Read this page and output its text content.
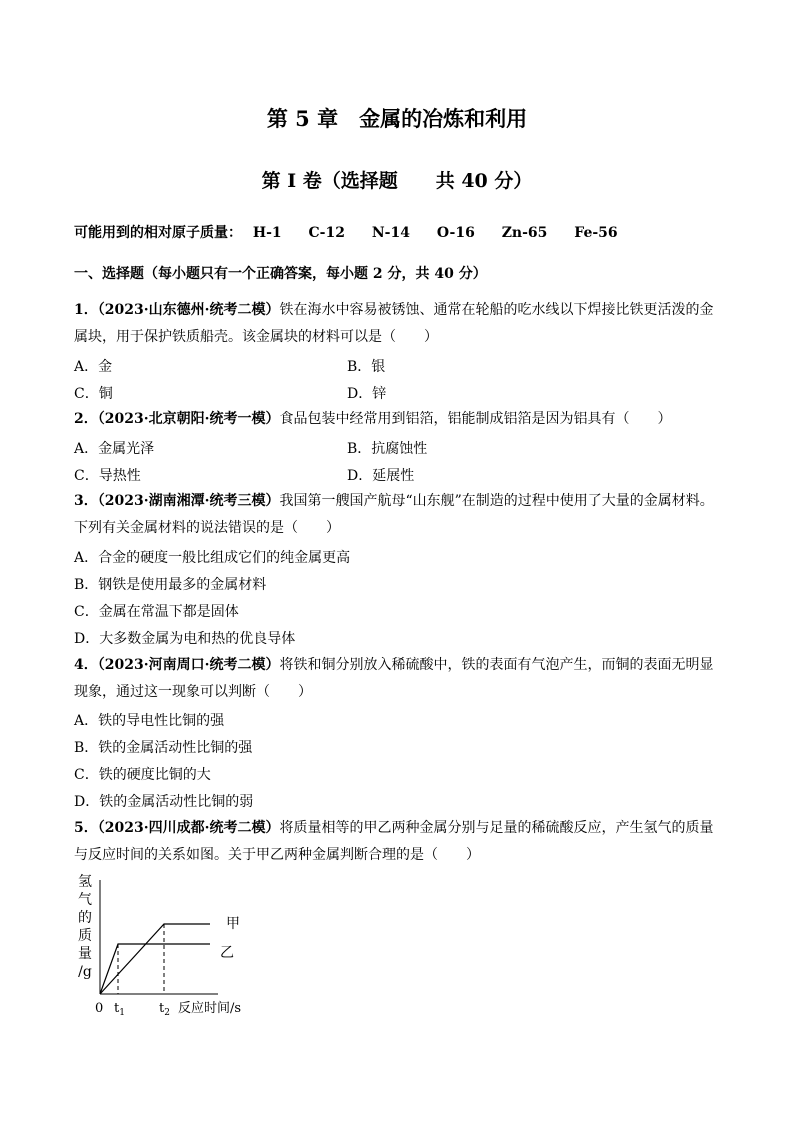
第 5 章　金属的冶炼和利用
第 I 卷（选择题　　共 40 分）
可能用到的相对原子质量： H-1 C-12 N-14 O-16 Zn-65 Fe-56
一、选择题（每小题只有一个正确答案，每小题 2 分，共 40 分）
1．（2023·山东德州·统考二模）铁在海水中容易被锈蚀、通常在轮船的吃水线以下焊接比铁更活泼的金属块，用于保护铁质船壳。该金属块的材料可以是（　　）
A．金	B．银
C．铜	D．锌
2．（2023·北京朝阳·统考一模）食品包装中经常用到铝箔，铝能制成铝箔是因为铝具有（　　）
A．金属光泽	B．抗腐蚀性
C．导热性	D．延展性
3．（2023·湖南湘潭·统考三模）我国第一艘国产航母“山东舰”在制造的过程中使用了大量的金属材料。下列有关金属材料的说法错误的是（　　）
A．合金的硬度一般比组成它们的纯金属更高
B．钢铁是使用最多的金属材料
C．金属在常温下都是固体
D．大多数金属为电和热的优良导体
4．（2023·河南周口·统考二模）将铁和铜分别放入稀硫酸中，铁的表面有气泡产生，而铜的表面无明显现象，通过这一现象可以判断（　　）
A．铁的导电性比铜的强
B．铁的金属活动性比铜的强
C．铁的硬度比铜的大
D．铁的金属活动性比铜的弱
5．（2023·四川成都·统考二模）将质量相等的甲乙两种金属分别与足量的稀硫酸反应，产生氢气的质量与反应时间的关系如图。关于甲乙两种金属判断合理的是（　　）
氢
气
的
质
量
/g
甲
乙
0 $t_1$	$t_2$ 反应时间/s
